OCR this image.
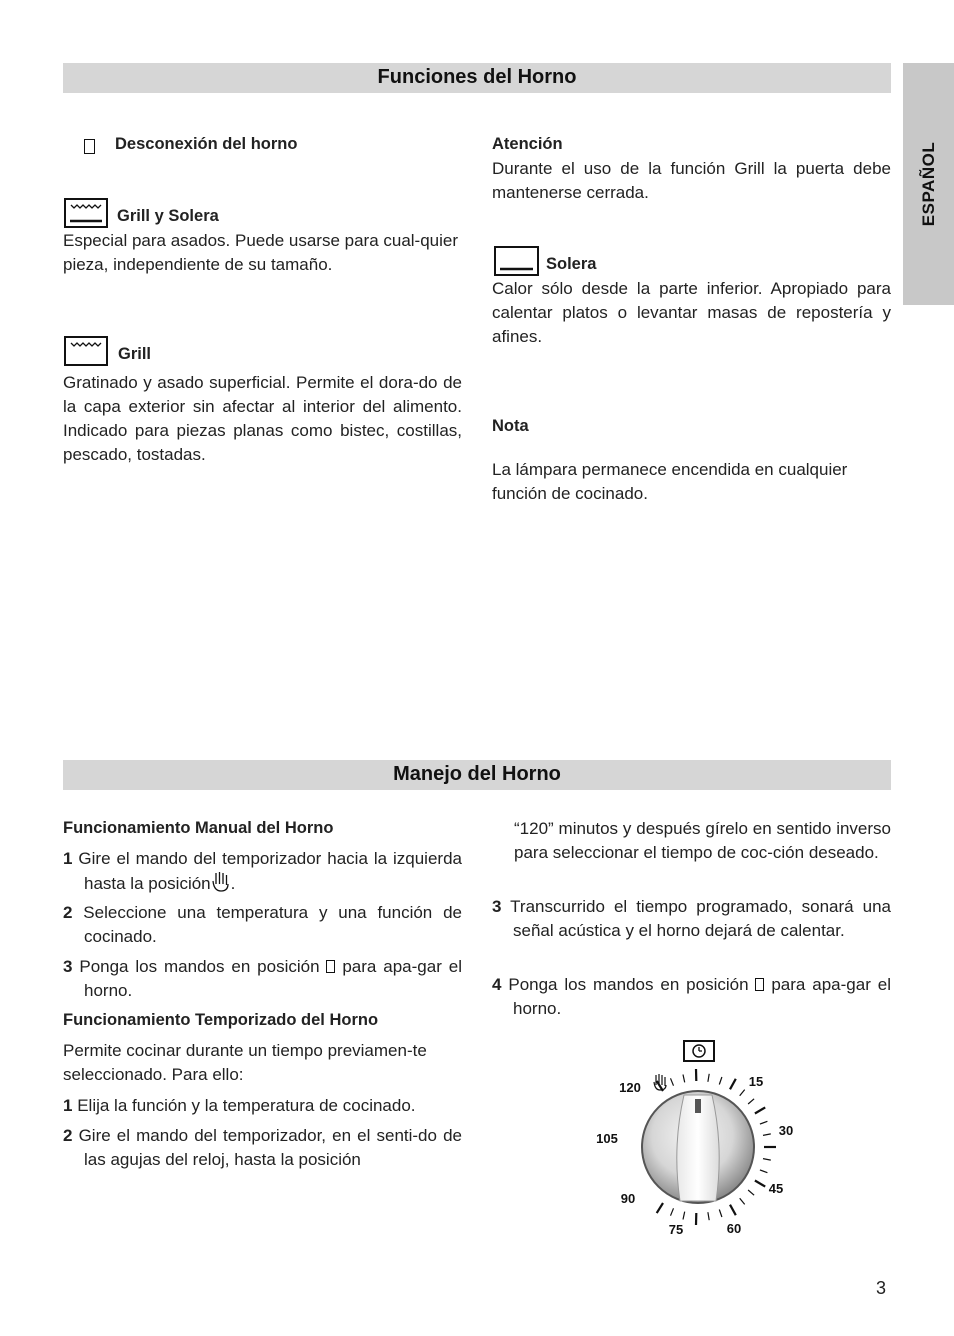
ESPAÑOL
Funciones del Horno
Desconexión del horno
Grill y Solera
Especial para asados. Puede usarse para cual-quier pieza, independiente de su tamaño.
Grill
Gratinado y asado superficial. Permite el dora-do de la capa exterior sin afectar al interior del alimento. Indicado para piezas planas como bistec, costillas, pescado, tostadas.
Atención
Durante el uso de la función Grill la puerta debe mantenerse cerrada.
Solera
Calor sólo desde la parte inferior. Apropiado para calentar platos o levantar masas de repostería y afines.
Nota
La lámpara permanece encendida en cualquier función de cocinado.
Manejo del Horno
Funcionamiento Manual del Horno
1 Gire el mando del temporizador hacia la izquierda hasta la posición .
2 Seleccione una temperatura y una función de cocinado.
3 Ponga los mandos en posición para apa-gar el horno.
Funcionamiento Temporizado del Horno
Permite cocinar durante un tiempo previamen-te seleccionado. Para ello:
1 Elija la función y la temperatura de cocinado.
2 Gire el mando del temporizador, en el senti-do de las agujas del reloj, hasta la posición
“120” minutos y después gírelo en sentido inverso para seleccionar el tiempo de coc-ción deseado.
3 Transcurrido el tiempo programado, sonará una señal acústica y el horno dejará de calentar.
4 Ponga los mandos en posición para apa-gar el horno.
15
30
45
60
75
90
105
120
3
